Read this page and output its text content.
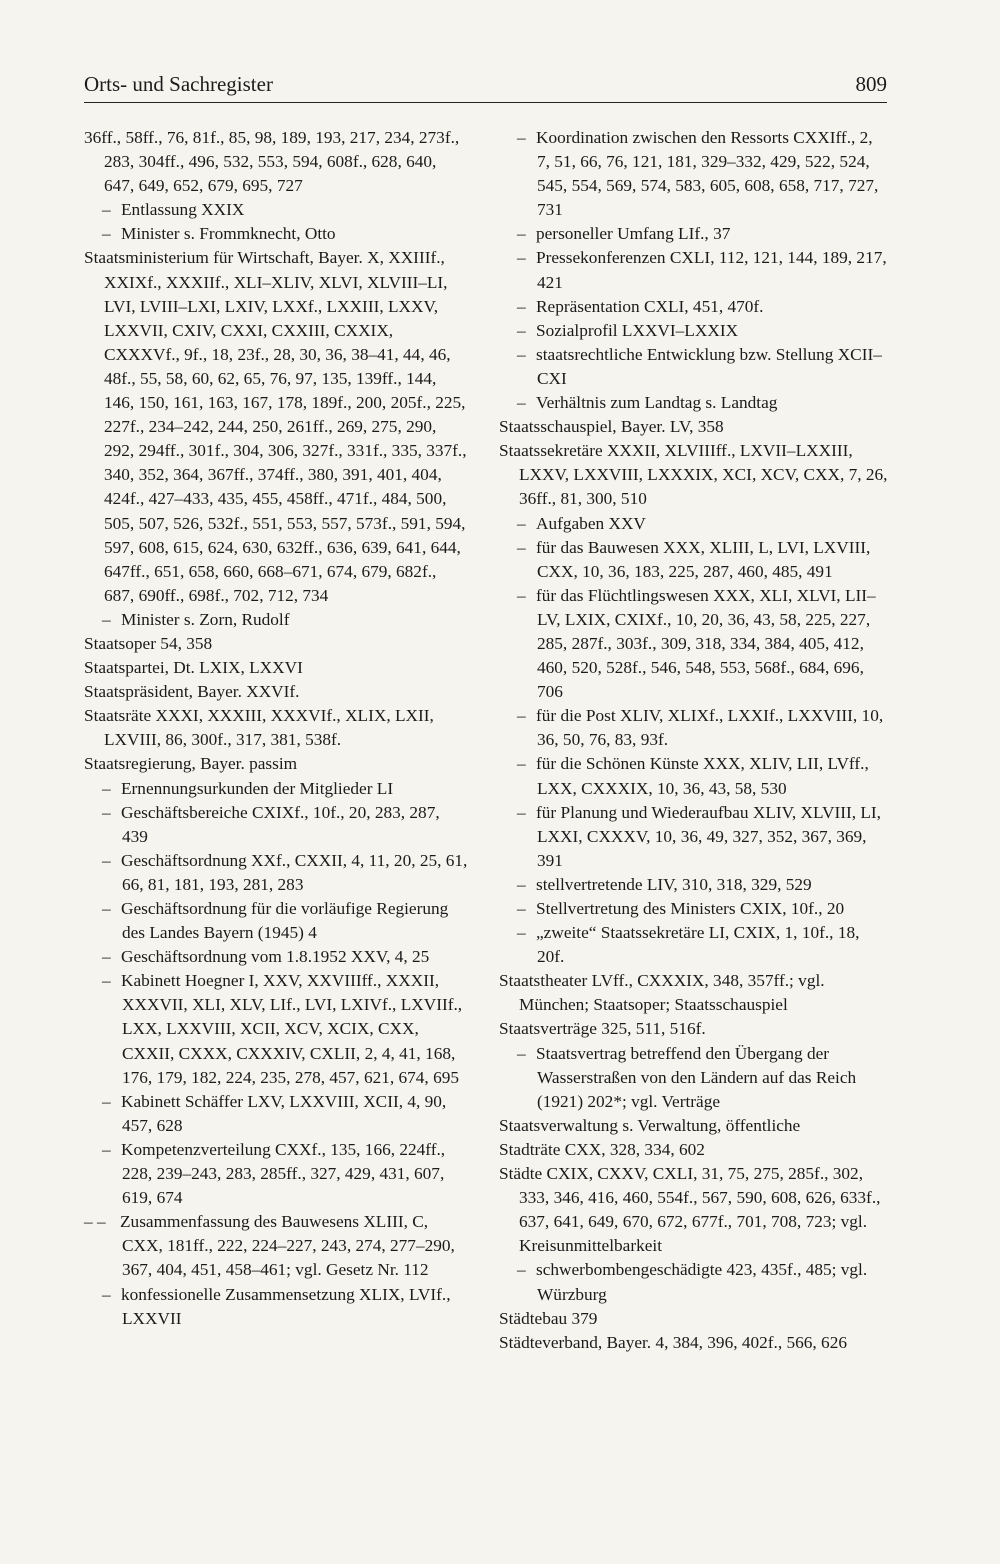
Orts- und Sachregister	809

36ff., 58ff., 76, 81f., 85, 98, 189, 193, 217, 234, 273f., 283, 304ff., 496, 532, 553, 594, 608f., 628, 640, 647, 649, 652, 679, 695, 727

– Entlassung XXIX

– Minister s. Frommknecht, Otto

Staatsministerium für Wirtschaft, Bayer. X, XXIIIf., XXIXf., XXXIIf., XLI–XLIV, XLVI, XLVIII–LI, LVI, LVIII–LXI, LXIV, LXXf., LXXIII, LXXV, LXXVII, CXIV, CXXI, CXXIII, CXXIX, CXXXVf., 9f., 18, 23f., 28, 30, 36, 38–41, 44, 46, 48f., 55, 58, 60, 62, 65, 76, 97, 135, 139ff., 144, 146, 150, 161, 163, 167, 178, 189f., 200, 205f., 225, 227f., 234–242, 244, 250, 261ff., 269, 275, 290, 292, 294ff., 301f., 304, 306, 327f., 331f., 335, 337f., 340, 352, 364, 367ff., 374ff., 380, 391, 401, 404, 424f., 427–433, 435, 455, 458ff., 471f., 484, 500, 505, 507, 526, 532f., 551, 553, 557, 573f., 591, 594, 597, 608, 615, 624, 630, 632ff., 636, 639, 641, 644, 647ff., 651, 658, 660, 668–671, 674, 679, 682f., 687, 690ff., 698f., 702, 712, 734

– Minister s. Zorn, Rudolf

Staatsoper 54, 358

Staatspartei, Dt. LXIX, LXXVI

Staatspräsident, Bayer. XXVIf.

Staatsräte XXXI, XXXIII, XXXVIf., XLIX, LXII, LXVIII, 86, 300f., 317, 381, 538f.

Staatsregierung, Bayer. passim

– Ernennungsurkunden der Mitglieder LI

– Geschäftsbereiche CXIXf., 10f., 20, 283, 287, 439

– Geschäftsordnung XXf., CXXII, 4, 11, 20, 25, 61, 66, 81, 181, 193, 281, 283

– Geschäftsordnung für die vorläufige Regierung des Landes Bayern (1945) 4

– Geschäftsordnung vom 1.8.1952 XXV, 4, 25

– Kabinett Hoegner I, XXV, XXVIIIff., XXXII, XXXVII, XLI, XLV, LIf., LVI, LXIVf., LXVIIf., LXX, LXXVIII, XCII, XCV, XCIX, CXX, CXXII, CXXX, CXXXIV, CXLII, 2, 4, 41, 168, 176, 179, 182, 224, 235, 278, 457, 621, 674, 695

– Kabinett Schäffer LXV, LXXVIII, XCII, 4, 90, 457, 628

– Kompetenzverteilung CXXf., 135, 166, 224ff., 228, 239–243, 283, 285ff., 327, 429, 431, 607, 619, 674

– – Zusammenfassung des Bauwesens XLIII, C, CXX, 181ff., 222, 224–227, 243, 274, 277–290, 367, 404, 451, 458–461; vgl. Gesetz Nr. 112

– konfessionelle Zusammensetzung XLIX, LVIf., LXXVII

– Koordination zwischen den Ressorts CXXIff., 2, 7, 51, 66, 76, 121, 181, 329–332, 429, 522, 524, 545, 554, 569, 574, 583, 605, 608, 658, 717, 727, 731

– personeller Umfang LIf., 37

– Pressekonferenzen CXLI, 112, 121, 144, 189, 217, 421

– Repräsentation CXLI, 451, 470f.

– Sozialprofil LXXVI–LXXIX

– staatsrechtliche Entwicklung bzw. Stellung XCII–CXI

– Verhältnis zum Landtag s. Landtag

Staatsschauspiel, Bayer. LV, 358

Staatssekretäre XXXII, XLVIIIff., LXVII–LXXIII, LXXV, LXXVIII, LXXXIX, XCI, XCV, CXX, 7, 26, 36ff., 81, 300, 510

– Aufgaben XXV

– für das Bauwesen XXX, XLIII, L, LVI, LXVIII, CXX, 10, 36, 183, 225, 287, 460, 485, 491

– für das Flüchtlingswesen XXX, XLI, XLVI, LII–LV, LXIX, CXIXf., 10, 20, 36, 43, 58, 225, 227, 285, 287f., 303f., 309, 318, 334, 384, 405, 412, 460, 520, 528f., 546, 548, 553, 568f., 684, 696, 706

– für die Post XLIV, XLIXf., LXXIf., LXXVIII, 10, 36, 50, 76, 83, 93f.

– für die Schönen Künste XXX, XLIV, LII, LVff., LXX, CXXXIX, 10, 36, 43, 58, 530

– für Planung und Wiederaufbau XLIV, XLVIII, LI, LXXI, CXXXV, 10, 36, 49, 327, 352, 367, 369, 391

– stellvertretende LIV, 310, 318, 329, 529

– Stellvertretung des Ministers CXIX, 10f., 20

– „zweite“ Staatssekretäre LI, CXIX, 1, 10f., 18, 20f.

Staatstheater LVff., CXXXIX, 348, 357ff.; vgl. München; Staatsoper; Staatsschauspiel

Staatsverträge 325, 511, 516f.

– Staatsvertrag betreffend den Übergang der Wasserstraßen von den Ländern auf das Reich (1921) 202*; vgl. Verträge

Staatsverwaltung s. Verwaltung, öffentliche

Stadträte CXX, 328, 334, 602

Städte CXIX, CXXV, CXLI, 31, 75, 275, 285f., 302, 333, 346, 416, 460, 554f., 567, 590, 608, 626, 633f., 637, 641, 649, 670, 672, 677f., 701, 708, 723; vgl. Kreisunmittelbarkeit

– schwerbombengeschädigte 423, 435f., 485; vgl. Würzburg

Städtebau 379

Städteverband, Bayer. 4, 384, 396, 402f., 566, 626
